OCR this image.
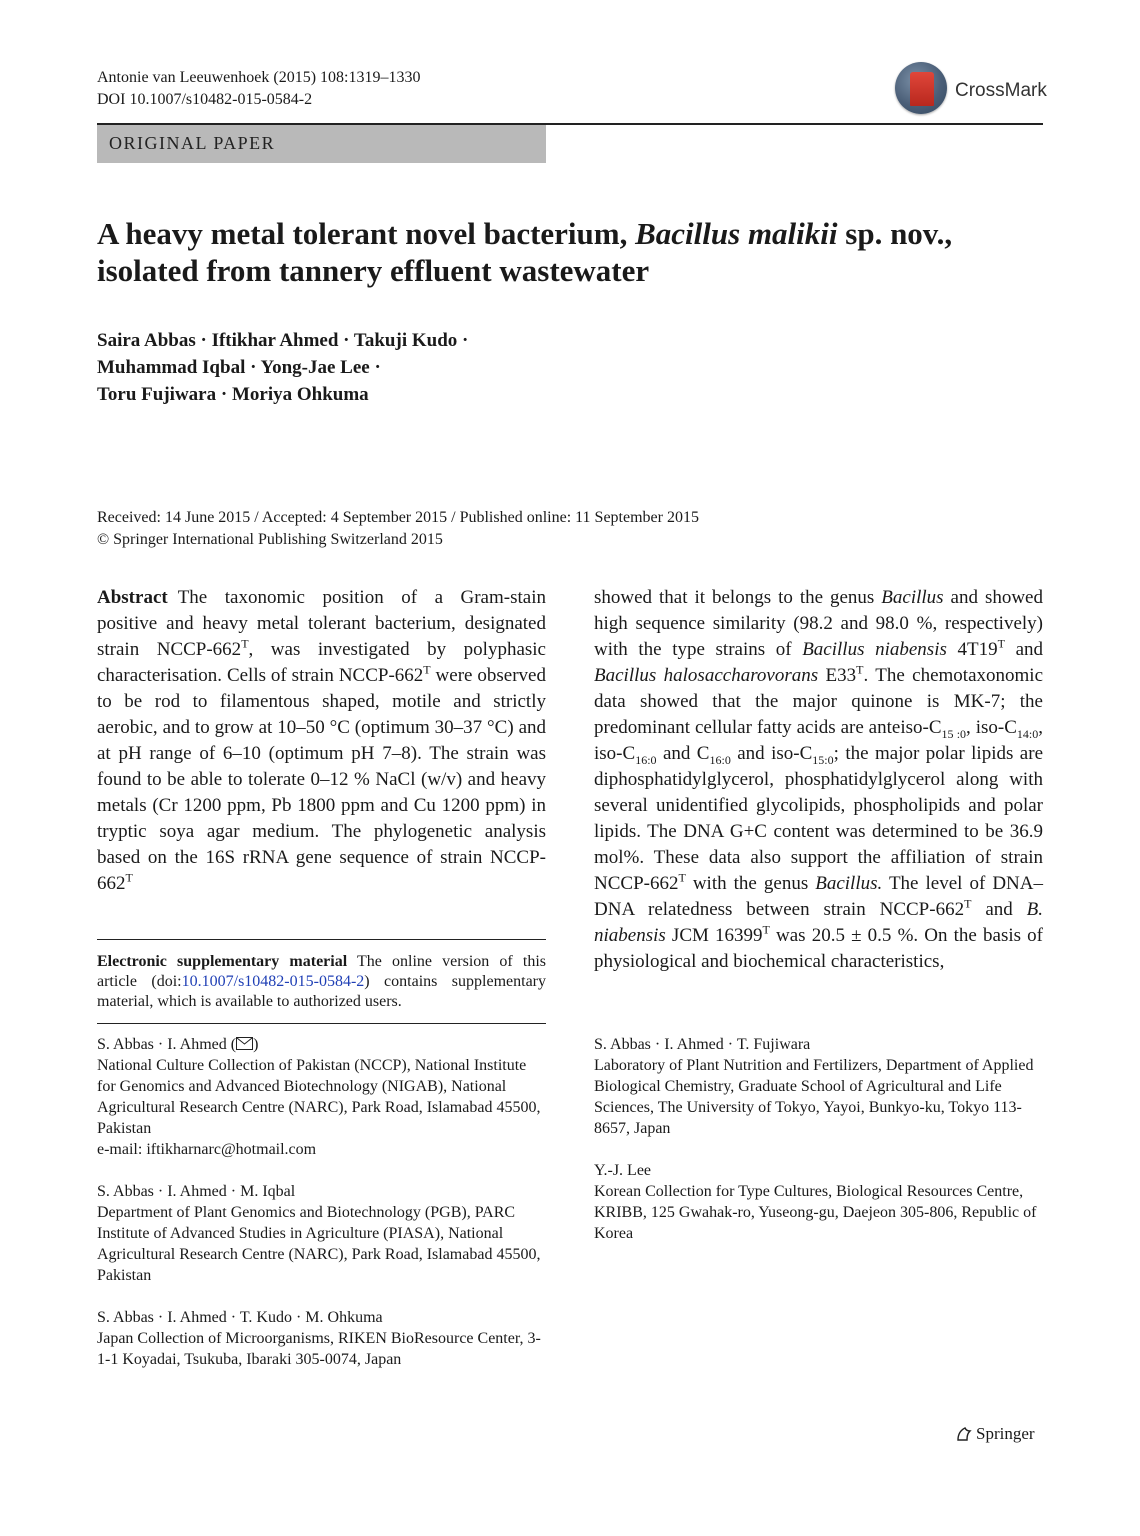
Antonie van Leeuwenhoek (2015) 108:1319–1330
DOI 10.1007/s10482-015-0584-2	CrossMark
ORIGINAL PAPER
A heavy metal tolerant novel bacterium, Bacillus malikii sp. nov., isolated from tannery effluent wastewater
Saira Abbas · Iftikhar Ahmed · Takuji Kudo ·
Muhammad Iqbal · Yong-Jae Lee ·
Toru Fujiwara · Moriya Ohkuma
Received: 14 June 2015 / Accepted: 4 September 2015 / Published online: 11 September 2015
© Springer International Publishing Switzerland 2015
Abstract The taxonomic position of a Gram-stain positive and heavy metal tolerant bacterium, designated strain NCCP-$662^T$, was investigated by polyphasic characterisation. Cells of strain NCCP-$662^T$ were observed to be rod to filamentous shaped, motile and strictly aerobic, and to grow at 10–50 °C (optimum 30–37 °C) and at pH range of 6–10 (optimum pH 7–8). The strain was found to be able to tolerate 0–12 % NaCl (w/v) and heavy metals (Cr 1200 ppm, Pb 1800 ppm and Cu 1200 ppm) in tryptic soya agar medium. The phylogenetic analysis based on the 16S rRNA gene sequence of strain NCCP-$662^T$
showed that it belongs to the genus Bacillus and showed high sequence similarity (98.2 and 98.0 %, respectively) with the type strains of Bacillus niabensis $4T19^T$ and Bacillus halosaccharovorans $E33^T$. The chemotaxonomic data showed that the major quinone is MK-7; the predominant cellular fatty acids are anteiso-$C_{15 :0}$, iso-$C_{14:0}$, iso-$C_{16:0}$ and $C_{16:0}$ and iso-$C_{15:0}$; the major polar lipids are diphosphatidylglycerol, phosphatidylglycerol along with several unidentified glycolipids, phospholipids and polar lipids. The DNA G+C content was determined to be 36.9 mol%. These data also support the affiliation of strain NCCP-$662^T$ with the genus Bacillus. The level of DNA–DNA relatedness between strain NCCP-$662^T$ and B. niabensis JCM $16399^T$ was 20.5 ± 0.5 %. On the basis of physiological and biochemical characteristics,
Electronic supplementary material The online version of this article (doi:10.1007/s10482-015-0584-2) contains supplementary material, which is available to authorized users.

S. Abbas · I. Ahmed ( )
National Culture Collection of Pakistan (NCCP), National Institute for Genomics and Advanced Biotechnology (NIGAB), National Agricultural Research Centre (NARC), Park Road, Islamabad 45500, Pakistan
e-mail: iftikharnarc@hotmail.com

S. Abbas · I. Ahmed · M. Iqbal
Department of Plant Genomics and Biotechnology (PGB), PARC Institute of Advanced Studies in Agriculture (PIASA), National Agricultural Research Centre (NARC), Park Road, Islamabad 45500, Pakistan

S. Abbas · I. Ahmed · T. Kudo · M. Ohkuma
Japan Collection of Microorganisms, RIKEN BioResource Center, 3-1-1 Koyadai, Tsukuba, Ibaraki 305-0074, Japan

S. Abbas · I. Ahmed · T. Fujiwara
Laboratory of Plant Nutrition and Fertilizers, Department of Applied Biological Chemistry, Graduate School of Agricultural and Life Sciences, The University of Tokyo, Yayoi, Bunkyo-ku, Tokyo 113-8657, Japan

Y.-J. Lee
Korean Collection for Type Cultures, Biological Resources Centre, KRIBB, 125 Gwahak-ro, Yuseong-gu, Daejeon 305-806, Republic of Korea

Springer
